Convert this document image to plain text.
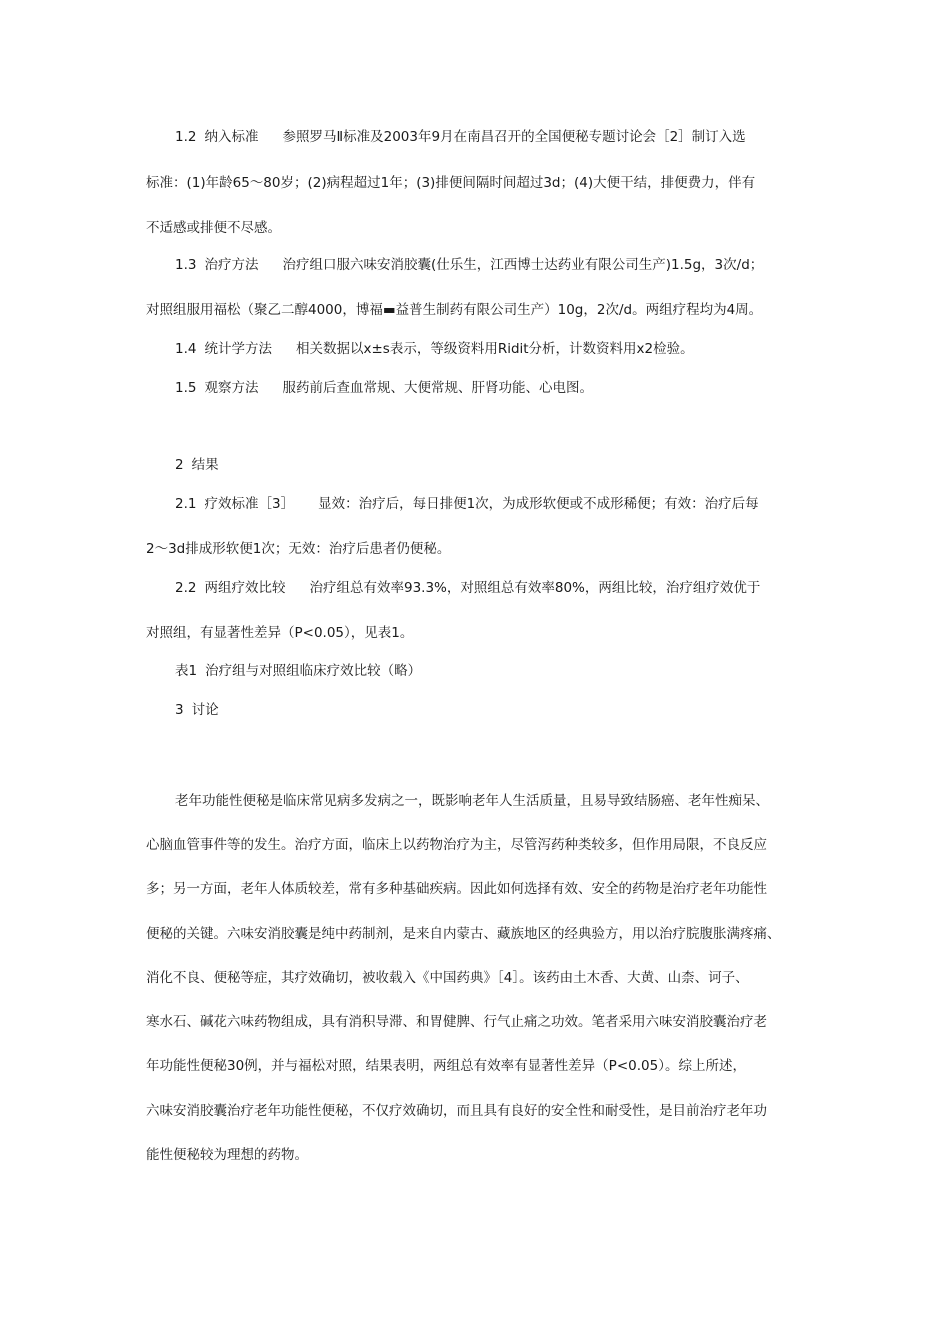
1.2 纳入标准 参照罗马Ⅱ标准及2003年9月在南昌召开的全国便秘专题讨论会［2］制订入选
标准：(1)年龄65～80岁；(2)病程超过1年；(3)排便间隔时间超过3d；(4)大便干结，排便费力，伴有
不适感或排便不尽感。
1.3 治疗方法 治疗组口服六味安消胶囊(仕乐生，江西博士达药业有限公司生产)1.5g，3次/d；
对照组服用福松（聚乙二醇4000，博福▬益普生制药有限公司生产）10g，2次/d。两组疗程均为4周。
1.4 统计学方法 相关数据以x±s表示，等级资料用Ridit分析，计数资料用x2检验。
1.5 观察方法 服药前后查血常规、大便常规、肝肾功能、心电图。
2 结果
2.1 疗效标准［3］ 显效：治疗后，每日排便1次，为成形软便或不成形稀便；有效：治疗后每
2～3d排成形软便1次；无效：治疗后患者仍便秘。
2.2 两组疗效比较 治疗组总有效率93.3%，对照组总有效率80%，两组比较，治疗组疗效优于
对照组，有显著性差异（P<0.05），见表1。
表1 治疗组与对照组临床疗效比较（略）
3 讨论
老年功能性便秘是临床常见病多发病之一，既影响老年人生活质量，且易导致结肠癌、老年性痴呆、
心脑血管事件等的发生。治疗方面，临床上以药物治疗为主，尽管泻药种类较多，但作用局限，不良反应
多；另一方面，老年人体质较差，常有多种基础疾病。因此如何选择有效、安全的药物是治疗老年功能性
便秘的关键。六味安消胶囊是纯中药制剂，是来自内蒙古、藏族地区的经典验方，用以治疗脘腹胀满疼痛、
消化不良、便秘等症，其疗效确切，被收载入《中国药典》［4］。该药由土木香、大黄、山柰、诃子、
寒水石、碱花六味药物组成，具有消积导滞、和胃健脾、行气止痛之功效。笔者采用六味安消胶囊治疗老
年功能性便秘30例，并与福松对照，结果表明，两组总有效率有显著性差异（P<0.05）。综上所述，
六味安消胶囊治疗老年功能性便秘，不仅疗效确切，而且具有良好的安全性和耐受性，是目前治疗老年功
能性便秘较为理想的药物。
